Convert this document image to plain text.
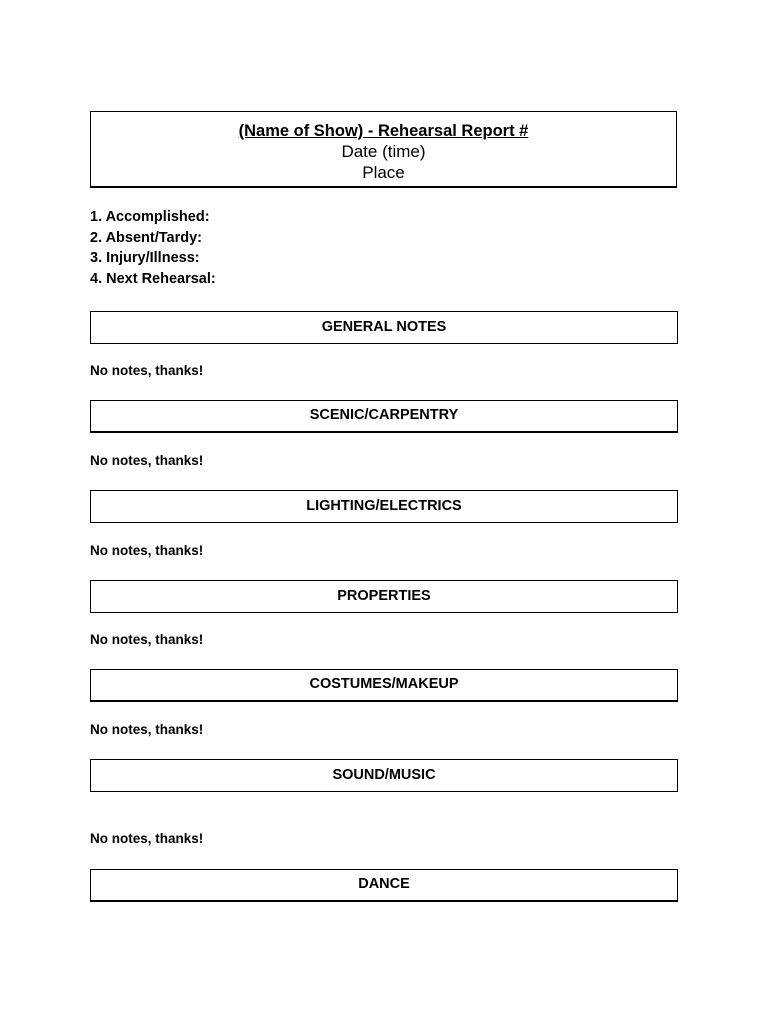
(Name of Show) - Rehearsal Report #
Date (time)
Place
1. Accomplished:
2. Absent/Tardy:
3. Injury/Illness:
4. Next Rehearsal:
GENERAL NOTES
No notes, thanks!
SCENIC/CARPENTRY
No notes, thanks!
LIGHTING/ELECTRICS
No notes, thanks!
PROPERTIES
No notes, thanks!
COSTUMES/MAKEUP
No notes, thanks!
SOUND/MUSIC
No notes, thanks!
DANCE
